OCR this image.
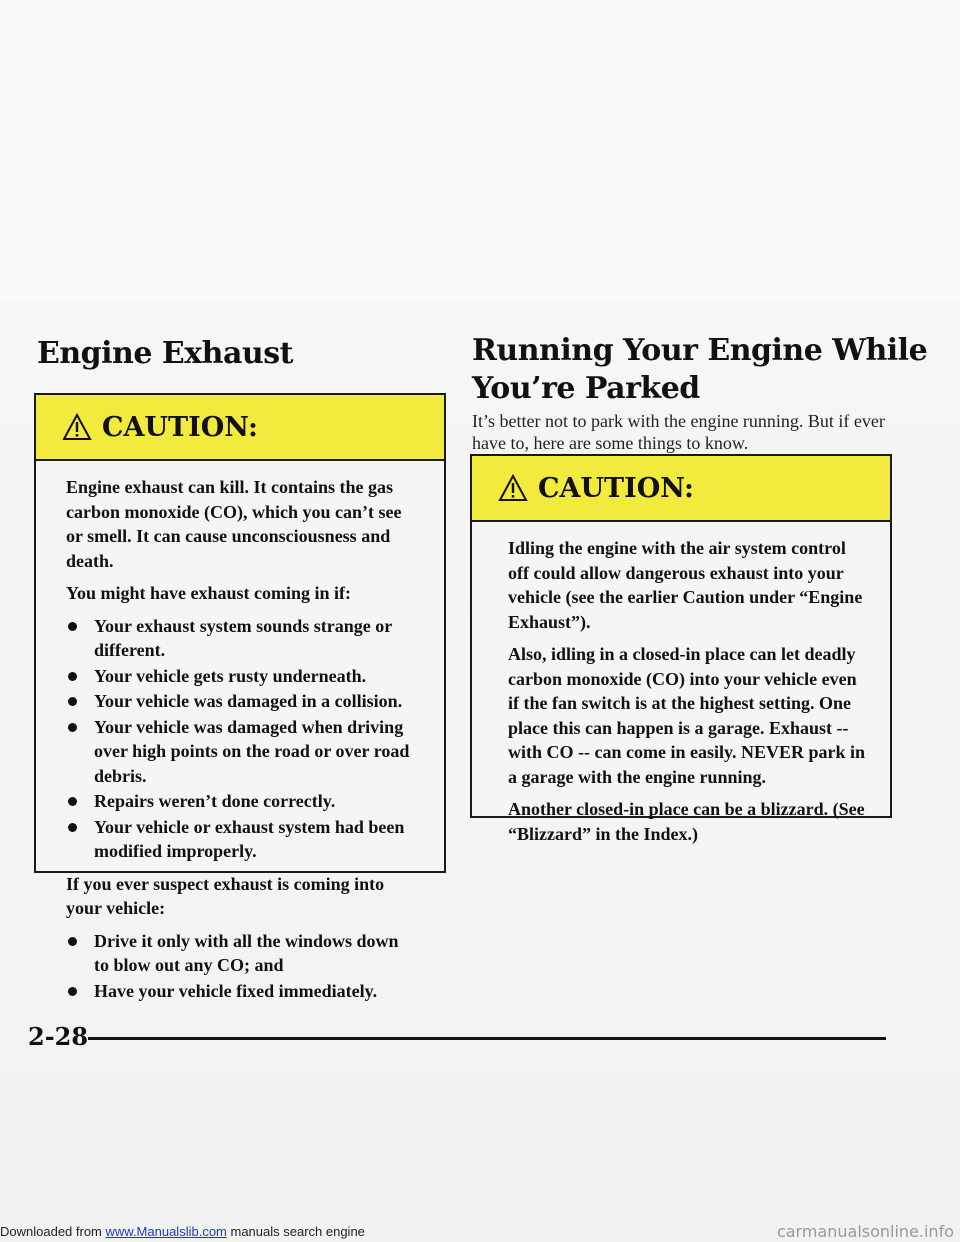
Engine Exhaust
CAUTION:

Engine exhaust can kill. It contains the gas carbon monoxide (CO), which you can’t see or smell. It can cause unconsciousness and death.

You might have exhaust coming in if:

Your exhaust system sounds strange or different.
Your vehicle gets rusty underneath.
Your vehicle was damaged in a collision.
Your vehicle was damaged when driving over high points on the road or over road debris.
Repairs weren’t done correctly.
Your vehicle or exhaust system had been modified improperly.

If you ever suspect exhaust is coming into your vehicle:

Drive it only with all the windows down to blow out any CO; and
Have your vehicle fixed immediately.
Running Your Engine While
You’re Parked
It’s better not to park with the engine running. But if ever have to, here are some things to know.
CAUTION:

Idling the engine with the air system control off could allow dangerous exhaust into your vehicle (see the earlier Caution under “Engine Exhaust”).

Also, idling in a closed-in place can let deadly carbon monoxide (CO) into your vehicle even if the fan switch is at the highest setting. One place this can happen is a garage. Exhaust -- with CO -- can come in easily. NEVER park in a garage with the engine running.

Another closed-in place can be a blizzard. (See “Blizzard” in the Index.)

2-28
Downloaded from www.Manualslib.com manuals search engine	carmanualsonline.info
